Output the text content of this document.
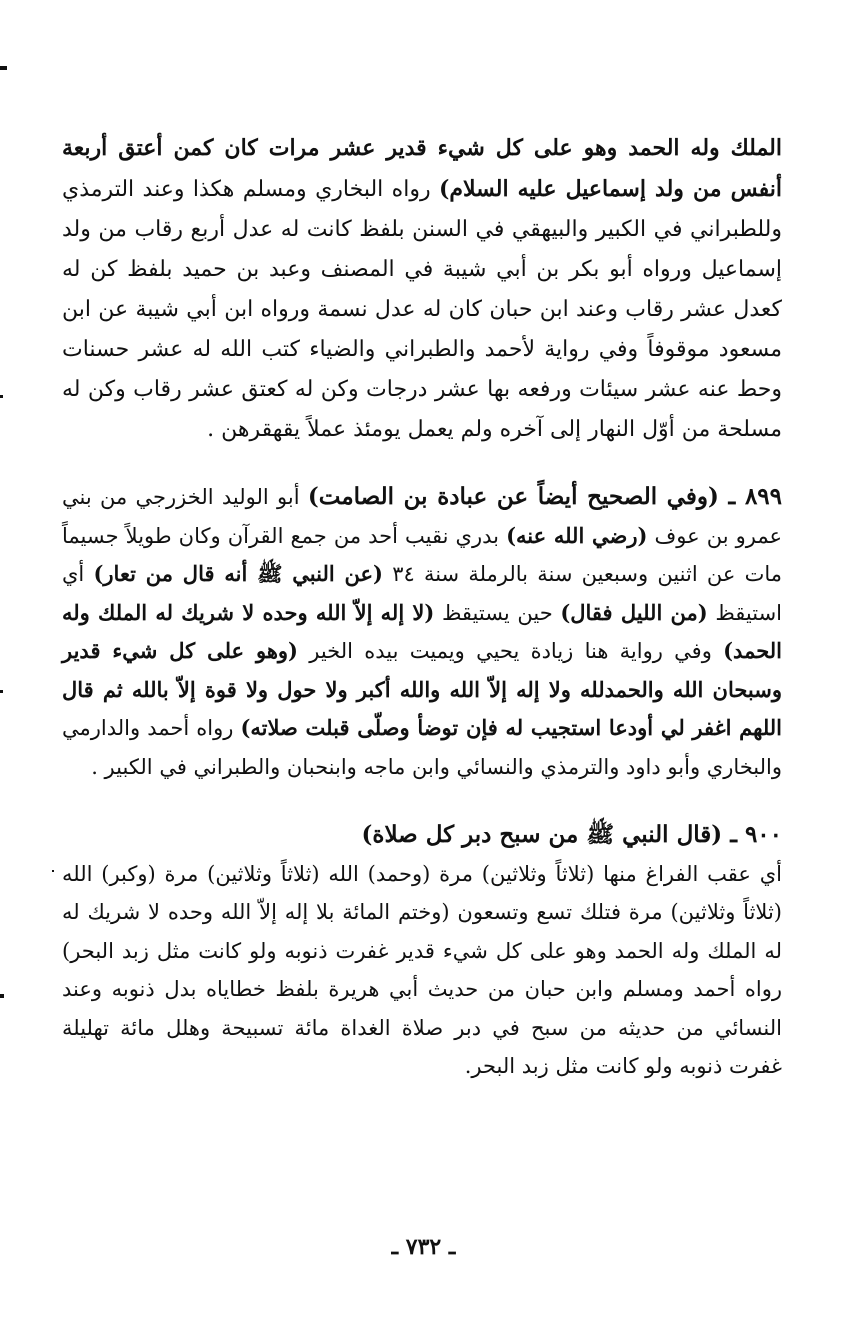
الملك وله الحمد وهو على كل شيء قدير عشر مرات كان كمن أعتق أربعة أنفس من ولد إسماعيل عليه السلام) رواه البخاري ومسلم هكذا وعند الترمذي وللطبراني في الكبير والبيهقي في السنن بلفظ كانت له عدل أربع رقاب من ولد إسماعيل ورواه أبو بكر بن أبي شيبة في المصنف وعبد بن حميد بلفظ كن له كعدل عشر رقاب وعند ابن حبان كان له عدل نسمة ورواه ابن أبي شيبة عن ابن مسعود موقوفاً وفي رواية لأحمد والطبراني والضياء كتب الله له عشر حسنات وحط عنه عشر سيئات ورفعه بها عشر درجات وكن له كعتق عشر رقاب وكن له مسلحة من أوّل النهار إلى آخره ولم يعمل يومئذ عملاً يقهقرهن .

٨٩٩ ـ (وفي الصحيح أيضاً عن عبادة بن الصامت) أبو الوليد الخزرجي من بني عمرو بن عوف (رضي الله عنه) بدري نقيب أحد من جمع القرآن وكان طويلاً جسيماً مات عن اثنين وسبعين سنة بالرملة سنة ٣٤ (عن النبي ﷺ أنه قال من تعار) أي استيقظ (من الليل فقال) حين يستيقظ (لا إله إلاّ الله وحده لا شريك له الملك وله الحمد) وفي رواية هنا زيادة يحيي ويميت بيده الخير (وهو على كل شيء قدير وسبحان الله والحمدلله ولا إله إلاّ الله والله أكبر ولا حول ولا قوة إلاّ بالله ثم قال اللهم اغفر لي أودعا استجيب له فإن توضأ وصلّى قبلت صلاته) رواه أحمد والدارمي والبخاري وأبو داود والترمذي والنسائي وابن ماجه وابنحبان والطبراني في الكبير .

٩٠٠ ـ (قال النبي ﷺ من سبح دبر كل صلاة)

أي عقب الفراغ منها (ثلاثاً وثلاثين) مرة (وحمد) الله (ثلاثاً وثلاثين) مرة (وكبر) الله (ثلاثاً وثلاثين) مرة فتلك تسع وتسعون (وختم المائة بلا إله إلاّ الله وحده لا شريك له له الملك وله الحمد وهو على كل شيء قدير غفرت ذنوبه ولو كانت مثل زبد البحر) رواه أحمد ومسلم وابن حبان من حديث أبي هريرة بلفظ خطاياه بدل ذنوبه وعند النسائي من حديثه من سبح في دبر صلاة الغداة مائة تسبيحة وهلل مائة تهليلة غفرت ذنوبه ولو كانت مثل زبد البحر.

ـ ٧٣٢ ـ
